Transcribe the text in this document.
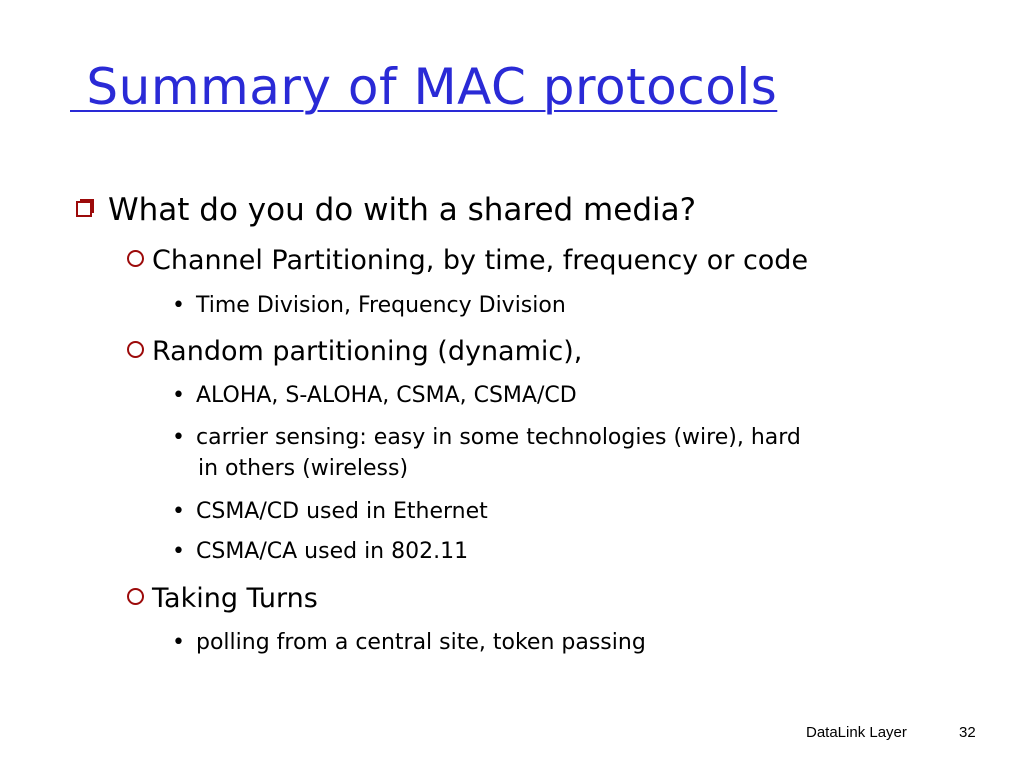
Summary of MAC protocols
What do you do with a shared media?
Channel Partitioning, by time, frequency or code
• Time Division, Frequency Division
Random partitioning (dynamic),
• ALOHA, S-ALOHA, CSMA, CSMA/CD
• carrier sensing: easy in some technologies (wire), hard
in others (wireless)
• CSMA/CD used in Ethernet
• CSMA/CA used in 802.11
Taking Turns
• polling from a central site, token passing
DataLink Layer	32
